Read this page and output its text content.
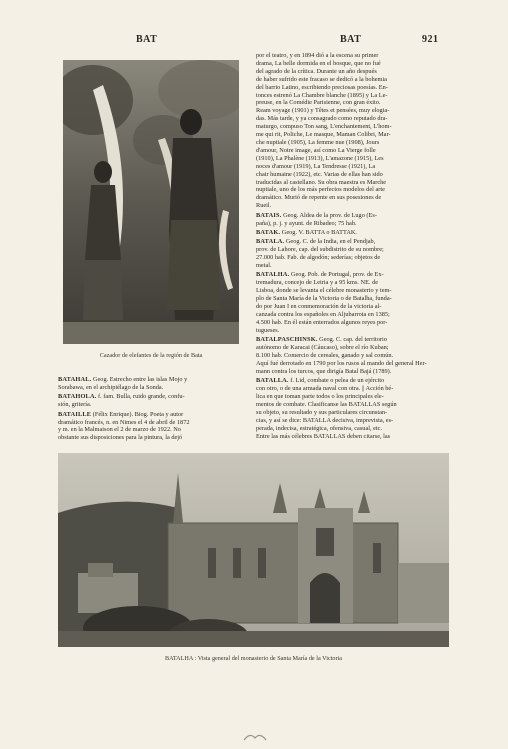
BAT	BAT	921
Cazador de elefantes de la región de Bata

por el teatro, y en 1894 dió a la escena su primer
drama, La belle dormida en el bosque, que no fué
del agrado de la crítica. Durante un año después
de haber sufrido este fracaso se dedicó a la bohemia
del barrio Latino, escribiendo preciosas poesías. En-
tonces estrenó La Chambre blanche (1895) y La Le-
preuse, en la Comédie Parisienne, con gran éxito.
Ream voyage (1901) y Têtes et pensées, muy elogia-
das. Más tarde, y ya consagrado como reputado dra-
maturgo, compuso Ton sang, L'enchantement, L'hom-
me qui rit, Poliche, Le masque, Maman Colibri, Mar-
che nuptiale (1905), La femme nue (1908), Jours
d'amour, Notre image, así como La Vierge folle
(1910), La Phalène (1913), L'amazone (1915), Les
noces d'amour (1919), La Tendresse (1921), La
chair humaine (1922), etc. Varias de ellas han sido
traducidas al castellano. Su obra maestra es Marche
nuptiale, uno de los más perfectos modelos del arte
dramático. Murió de repente en sus posesiones de
Rueil.

BATAIS. Geog. Aldea de la prov. de Lugo (Es-
paña), p. j. y ayunt. de Ribadeo; 75 hab.

BATAK. Geog. V. BATTA o BATTAK.

BATALA. Geog. C. de la India, en el Pendjab,
prov. de Lahore, cap. del subdistrito de su nombre;
27.000 hab. Fab. de algodón; sederías; objetos de
metal.

BATALHA. Geog. Pob. de Portugal, prov. de Ex-
tremadura, concejo de Leiria y a 95 kms. NE. de
Lisboa, donde se levanta el célebre monasterio y tem-
plo de Santa María de la Victoria o de Batalha, funda-
do por Juan I en conmemoración de la victoria al-
canzada contra los españoles en Aljubarrota en 1385;
4.500 hab. En él están enterrados algunos reyes por-
tugueses.

BATALPASCHINSK. Geog. C. cap. del territorio
autónomo de Karacai (Cáucaso), sobre el río Kuban;
8.100 hab. Comercio de cereales, ganado y sal común.
Aquí fué derrotado en 1790 por los rusos al mando del general Her-
mann contra los turcos, que dirigía Batal Bajá (1789).

BATALLA. f. Lid, combate o pelea de un ejército
con otro, o de una armada naval con otra. || Acción bé-
lica en que toman parte todos o los principales ele-
mentos de combate. Clasificanse las BATALLAS según
su objeto, su resultado y sus particulares circunstan-
cias, y así se dice: BATALLA decisiva, imprevista, es-
perada, indecisa, estratégica, ofensiva, casual, etc.
Entre las más célebres BATALLAS deben citarse, las

BATAHAL. Geog. Estrecho entre las islas Mojo y
Sorabawa, en el archipiélago de la Sonda.

BATAHOLA. f. fam. Bulla, ruido grande, confu-
sión, gritería.

BATAILLE (Félix Enrique). Biog. Poeta y autor
dramático francés, n. en Nimes el 4 de abril de 1872
y m. en la Malmaison el 2 de marzo de 1922. No
obstante sus disposiciones para la pintura, la dejó

BATALHA : Vista general del monasterio de Santa María de la Victoria
